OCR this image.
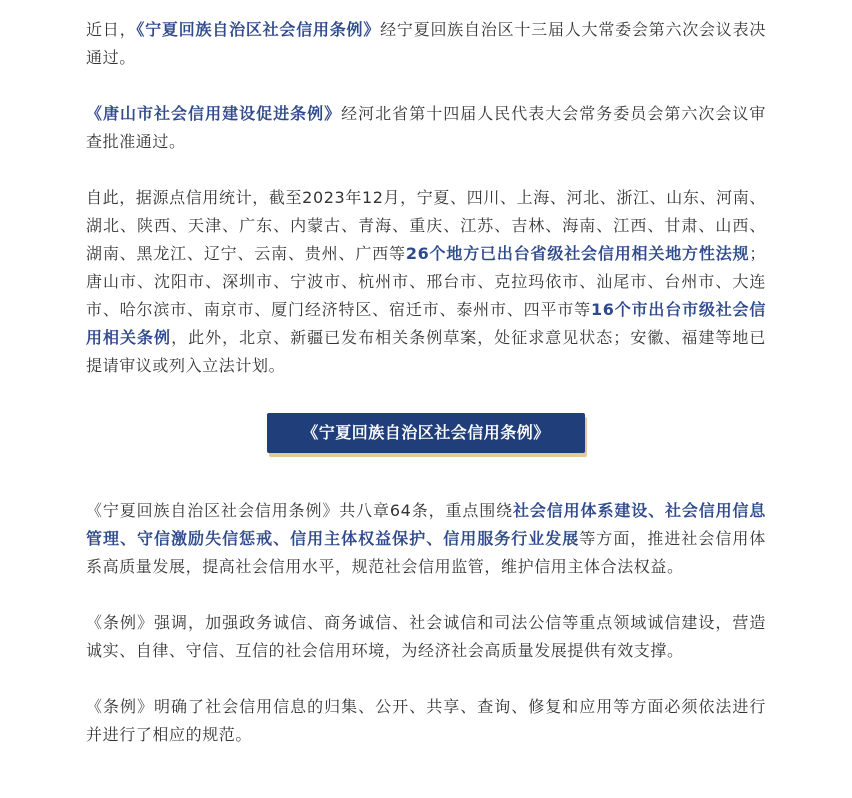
近日，《宁夏回族自治区社会信用条例》经宁夏回族自治区十三届人大常委会第六次会议表决通过。

《唐山市社会信用建设促进条例》经河北省第十四届人民代表大会常务委员会第六次会议审查批准通过。

自此，据源点信用统计，截至2023年12月，宁夏、四川、上海、河北、浙江、山东、河南、湖北、陕西、天津、广东、内蒙古、青海、重庆、江苏、吉林、海南、江西、甘肃、山西、湖南、黑龙江、辽宁、云南、贵州、广西等26个地方已出台省级社会信用相关地方性法规；唐山市、沈阳市、深圳市、宁波市、杭州市、邢台市、克拉玛依市、汕尾市、台州市、大连市、哈尔滨市、南京市、厦门经济特区、宿迁市、泰州市、四平市等16个市出台市级社会信用相关条例，此外，北京、新疆已发布相关条例草案，处征求意见状态；安徽、福建等地已提请审议或列入立法计划。

《宁夏回族自治区社会信用条例》

《宁夏回族自治区社会信用条例》共八章64条，重点围绕社会信用体系建设、社会信用信息管理、守信激励失信惩戒、信用主体权益保护、信用服务行业发展等方面，推进社会信用体系高质量发展，提高社会信用水平，规范社会信用监管，维护信用主体合法权益。

《条例》强调，加强政务诚信、商务诚信、社会诚信和司法公信等重点领域诚信建设，营造诚实、自律、守信、互信的社会信用环境，为经济社会高质量发展提供有效支撑。

《条例》明确了社会信用信息的归集、公开、共享、查询、修复和应用等方面必须依法进行并进行了相应的规范。
